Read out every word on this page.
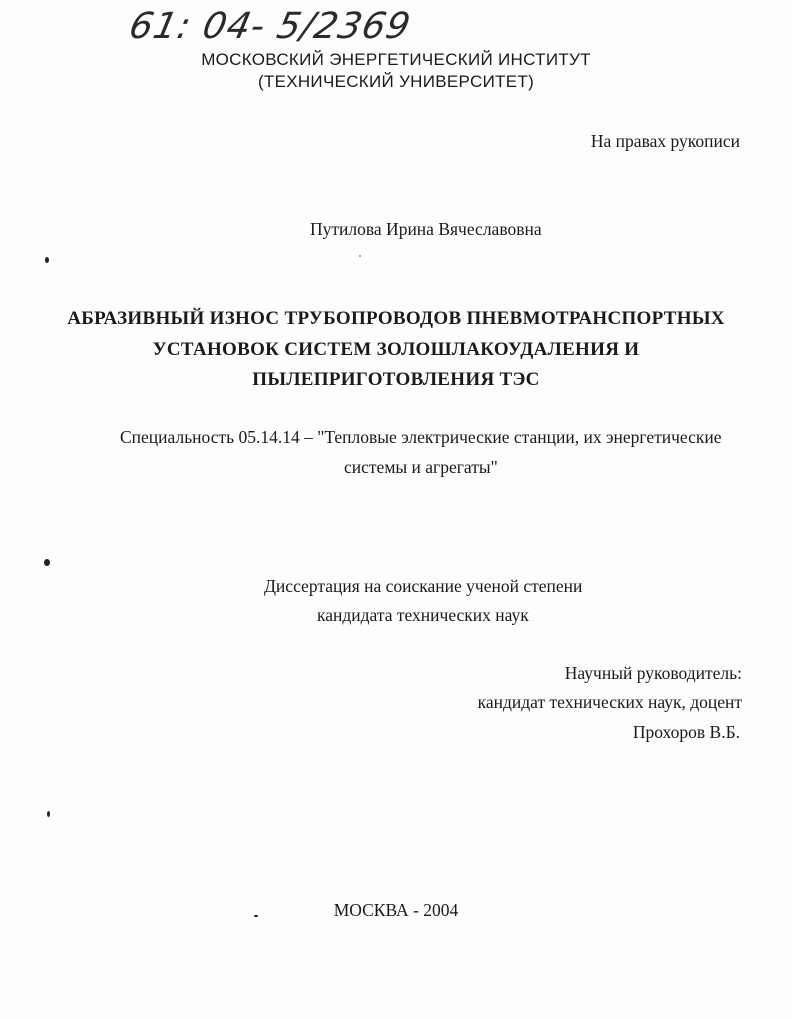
61: 04- 5/2369
МОСКОВСКИЙ ЭНЕРГЕТИЧЕСКИЙ ИНСТИТУТ
(ТЕХНИЧЕСКИЙ УНИВЕРСИТЕТ)
На правах рукописи
Путилова Ирина Вячеславовна
АБРАЗИВНЫЙ ИЗНОС ТРУБОПРОВОДОВ ПНЕВМОТРАНСПОРТНЫХ
УСТАНОВОК СИСТЕМ ЗОЛОШЛАКОУДАЛЕНИЯ И
ПЫЛЕПРИГОТОВЛЕНИЯ ТЭС
Специальность 05.14.14 – "Тепловые электрические станции, их энергетические
системы и агрегаты"
Диссертация на соискание ученой степени
кандидата технических наук
Научный руководитель:
кандидат технических наук, доцент
Прохоров В.Б.
МОСКВА - 2004
